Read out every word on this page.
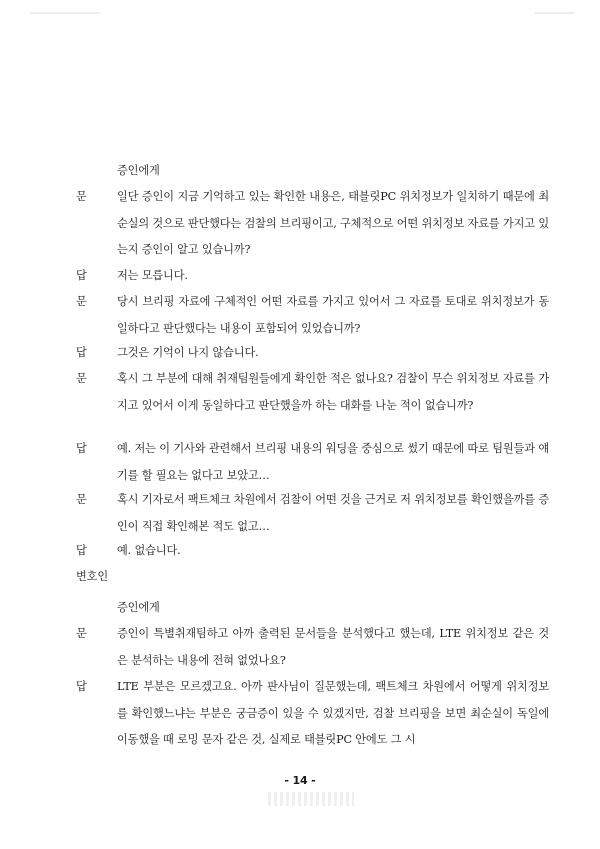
증인에게
문	일단 증인이 지금 기억하고 있는 확인한 내용은, 태블릿PC 위치정보가 일치하기 때문에 최순실의 것으로 판단했다는 검찰의 브리핑이고, 구체적으로 어떤 위치정보 자료를 가지고 있는지 증인이 알고 있습니까?
답	저는 모릅니다.
문	당시 브리핑 자료에 구체적인 어떤 자료를 가지고 있어서 그 자료를 토대로 위치정보가 동일하다고 판단했다는 내용이 포함되어 있었습니까?
답	그것은 기억이 나지 않습니다.
문	혹시 그 부분에 대해 취재팀원들에게 확인한 적은 없나요? 검찰이 무슨 위치정보 자료를 가지고 있어서 이게 동일하다고 판단했을까 하는 대화를 나눈 적이 없습니까?
답	예. 저는 이 기사와 관련해서 브리핑 내용의 워딩을 중심으로 썼기 때문에 따로 팀원들과 얘기를 할 필요는 없다고 보았고…
문	혹시 기자로서 팩트체크 차원에서 검찰이 어떤 것을 근거로 저 위치정보를 확인했을까를 증인이 직접 확인해본 적도 없고…
답	예. 없습니다.
변호인
증인에게
문	증인이 특별취재팀하고 아까 출력된 문서들을 분석했다고 했는데, LTE 위치정보 같은 것은 분석하는 내용에 전혀 없었나요?
답	LTE 부분은 모르겠고요. 아까 판사님이 질문했는데, 팩트체크 차원에서 어떻게 위치정보를 확인했느냐는 부분은 궁금증이 있을 수 있겠지만, 검찰 브리핑을 보면 최순실이 독일에 이동했을 때 로밍 문자 같은 것, 실제로 태블릿PC 안에도 그 시
- 14 -
